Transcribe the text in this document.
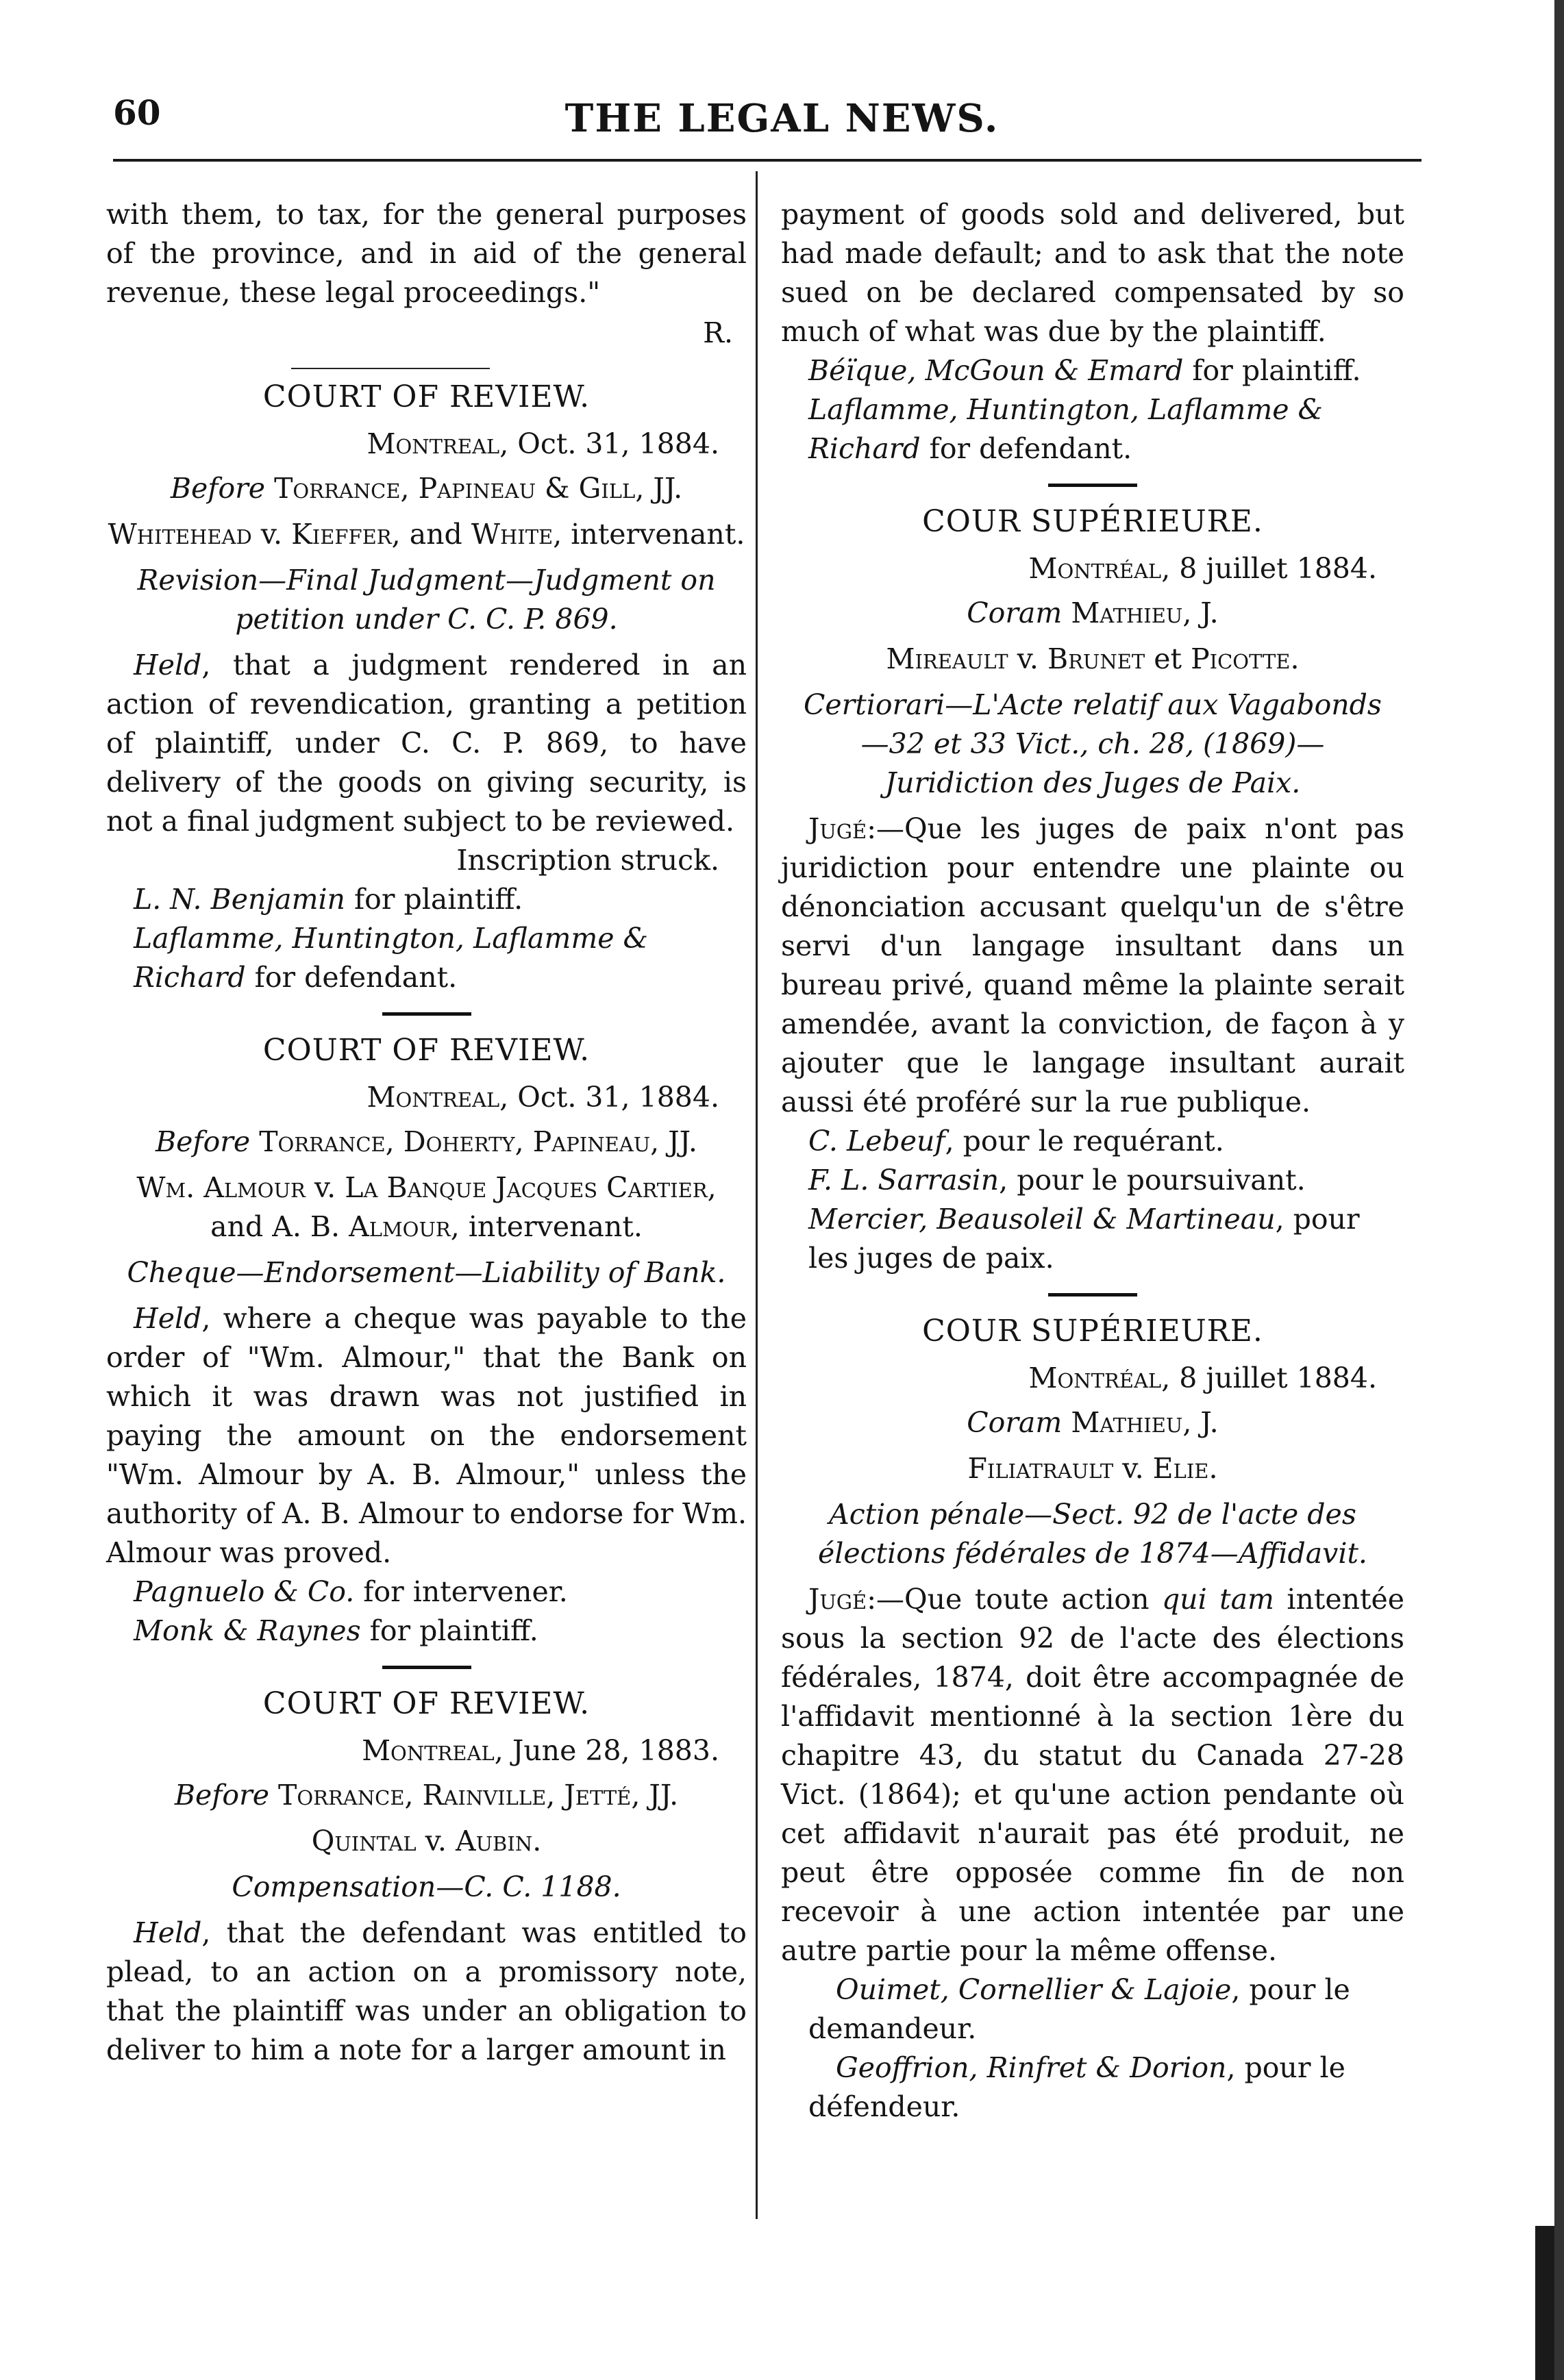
60	THE LEGAL NEWS.

with them, to tax, for the general purposes of the province, and in aid of the general revenue, these legal proceedings."

R.

COURT OF REVIEW.

Montreal, Oct. 31, 1884.

Before Torrance, Papineau & Gill, JJ.

Whitehead v. Kieffer, and White, intervenant.

Revision—Final Judgment—Judgment on petition under C. C. P. 869.

Held, that a judgment rendered in an action of revendication, granting a petition of plaintiff, under C. C. P. 869, to have delivery of the goods on giving security, is not a final judgment subject to be reviewed.

Inscription struck.

L. N. Benjamin for plaintiff.

Laflamme, Huntington, Laflamme & Richard for defendant.

COURT OF REVIEW.

Montreal, Oct. 31, 1884.

Before Torrance, Doherty, Papineau, JJ.

Wm. Almour v. La Banque Jacques Cartier, and A. B. Almour, intervenant.

Cheque—Endorsement—Liability of Bank.

Held, where a cheque was payable to the order of "Wm. Almour," that the Bank on which it was drawn was not justified in paying the amount on the endorsement "Wm. Almour by A. B. Almour," unless the authority of A. B. Almour to endorse for Wm. Almour was proved.

Pagnuelo & Co. for intervener.

Monk & Raynes for plaintiff.

COURT OF REVIEW.

Montreal, June 28, 1883.

Before Torrance, Rainville, Jetté, JJ.

Quintal v. Aubin.

Compensation—C. C. 1188.

Held, that the defendant was entitled to plead, to an action on a promissory note, that the plaintiff was under an obligation to deliver to him a note for a larger amount in

payment of goods sold and delivered, but had made default; and to ask that the note sued on be declared compensated by so much of what was due by the plaintiff.

Béïque, McGoun & Emard for plaintiff.

Laflamme, Huntington, Laflamme & Richard for defendant.

COUR SUPÉRIEURE.

Montréal, 8 juillet 1884.

Coram Mathieu, J.

Mireault v. Brunet et Picotte.

Certiorari—L'Acte relatif aux Vagabonds—32 et 33 Vict., ch. 28, (1869)—Juridiction des Juges de Paix.

Jugé:—Que les juges de paix n'ont pas juridiction pour entendre une plainte ou dénonciation accusant quelqu'un de s'être servi d'un langage insultant dans un bureau privé, quand même la plainte serait amendée, avant la conviction, de façon à y ajouter que le langage insultant aurait aussi été proféré sur la rue publique.

C. Lebeuf, pour le requérant.

F. L. Sarrasin, pour le poursuivant.

Mercier, Beausoleil & Martineau, pour les juges de paix.

COUR SUPÉRIEURE.

Montréal, 8 juillet 1884.

Coram Mathieu, J.

Filiatrault v. Elie.

Action pénale—Sect. 92 de l'acte des élections fédérales de 1874—Affidavit.

Jugé:—Que toute action qui tam intentée sous la section 92 de l'acte des élections fédérales, 1874, doit être accompagnée de l'affidavit mentionné à la section 1ère du chapitre 43, du statut du Canada 27-28 Vict. (1864); et qu'une action pendante où cet affidavit n'aurait pas été produit, ne peut être opposée comme fin de non recevoir à une action intentée par une autre partie pour la même offense.

Ouimet, Cornellier & Lajoie, pour le demandeur.

Geoffrion, Rinfret & Dorion, pour le défendeur.
